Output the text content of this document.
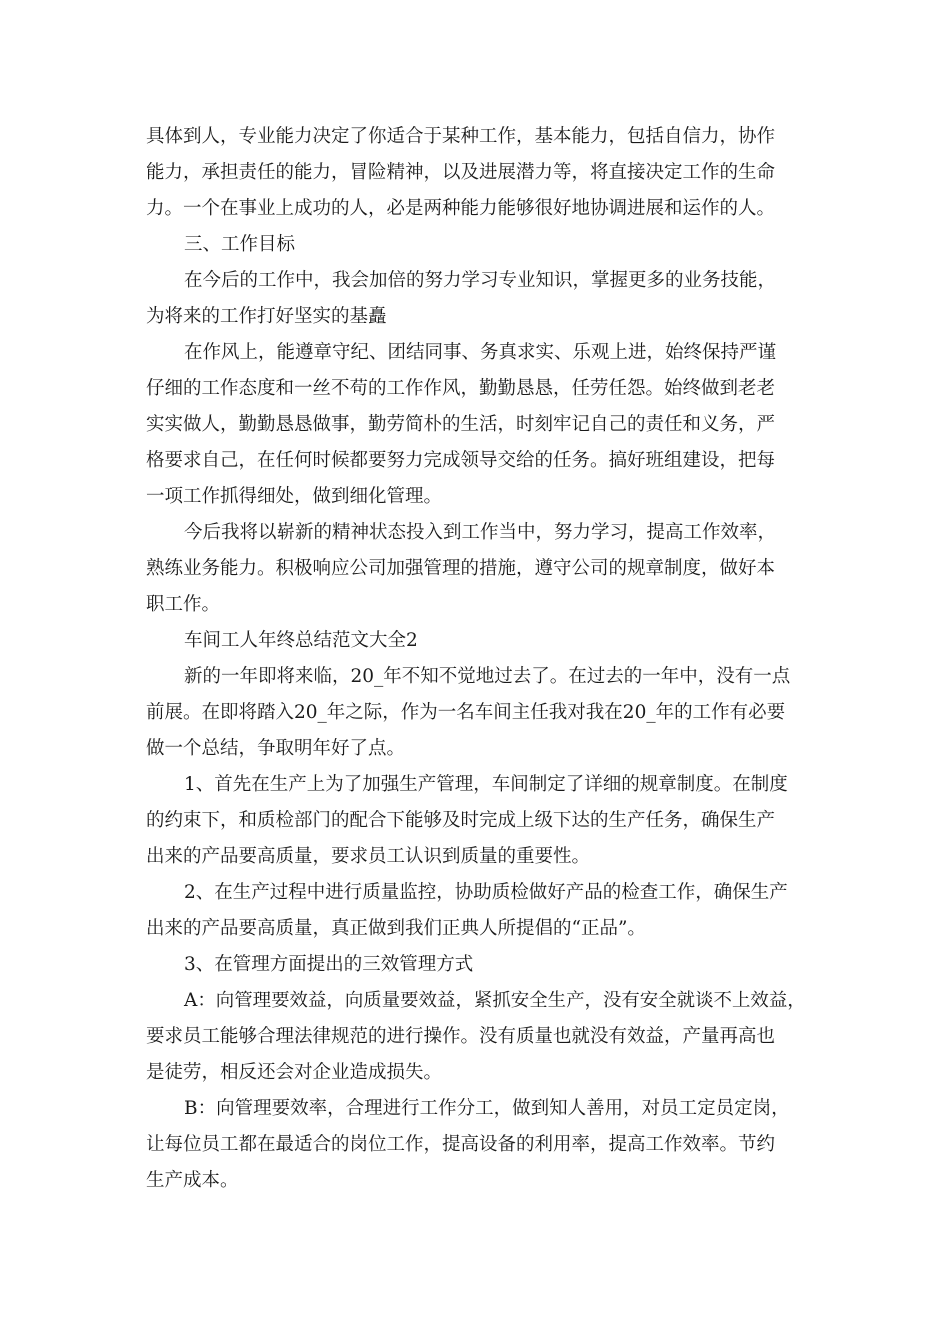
具体到人，专业能力决定了你适合于某种工作，基本能力，包括自信力，协作
能力，承担责任的能力，冒险精神，以及进展潜力等，将直接决定工作的生命
力。一个在事业上成功的人，必是两种能力能够很好地协调进展和运作的人。
三、工作目标
在今后的工作中，我会加倍的努力学习专业知识，掌握更多的业务技能，
为将来的工作打好坚实的基矗
在作风上，能遵章守纪、团结同事、务真求实、乐观上进，始终保持严谨
仔细的工作态度和一丝不苟的工作作风，勤勤恳恳，任劳任怨。始终做到老老
实实做人，勤勤恳恳做事，勤劳简朴的生活，时刻牢记自己的责任和义务，严
格要求自己，在任何时候都要努力完成领导交给的任务。搞好班组建设，把每
一项工作抓得细处，做到细化管理。
今后我将以崭新的精神状态投入到工作当中，努力学习，提高工作效率，
熟练业务能力。积极响应公司加强管理的措施，遵守公司的规章制度，做好本
职工作。
车间工人年终总结范文大全2
新的一年即将来临，20_年不知不觉地过去了。在过去的一年中，没有一点
前展。在即将踏入20_年之际，作为一名车间主任我对我在20_年的工作有必要
做一个总结，争取明年好了点。
1、首先在生产上为了加强生产管理，车间制定了详细的规章制度。在制度
的约束下，和质检部门的配合下能够及时完成上级下达的生产任务，确保生产
出来的产品要高质量，要求员工认识到质量的重要性。
2、在生产过程中进行质量监控，协助质检做好产品的检查工作，确保生产
出来的产品要高质量，真正做到我们正典人所提倡的“正品”。
3、在管理方面提出的三效管理方式
A：向管理要效益，向质量要效益，紧抓安全生产，没有安全就谈不上效益，
要求员工能够合理法律规范的进行操作。没有质量也就没有效益，产量再高也
是徒劳，相反还会对企业造成损失。
B：向管理要效率，合理进行工作分工，做到知人善用，对员工定员定岗，
让每位员工都在最适合的岗位工作，提高设备的利用率，提高工作效率。节约
生产成本。
